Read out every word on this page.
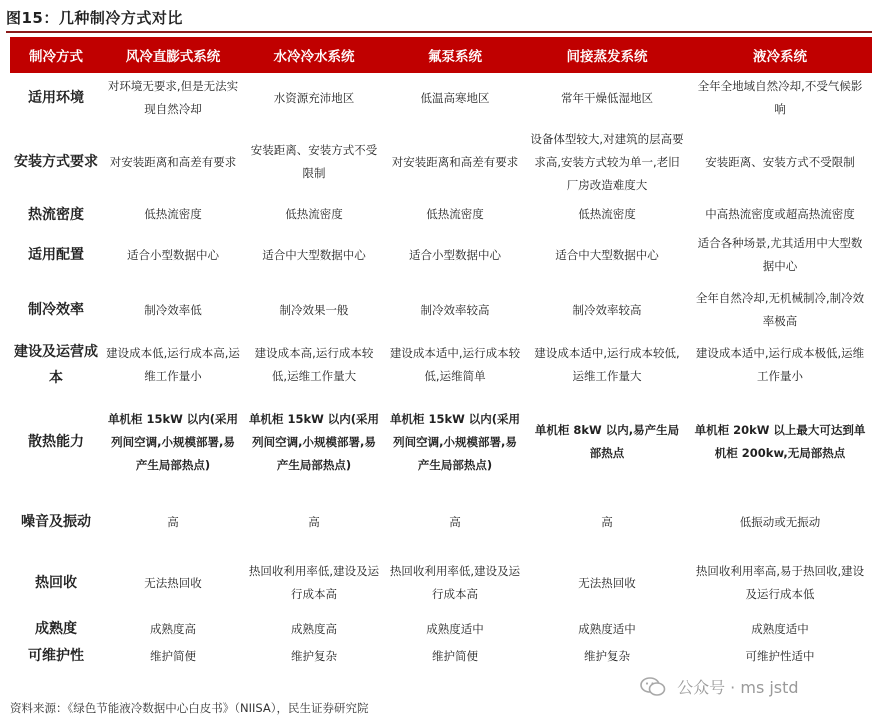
图15：几种制冷方式对比
制冷方式	风冷直膨式系统	水冷冷水系统	氟泵系统	间接蒸发系统	液冷系统
适用环境	对环境无要求,但是无法实现自然冷却	水资源充沛地区	低温高寒地区	常年干燥低湿地区	全年全地域自然冷却,不受气候影响
安装方式要求	对安装距离和高差有要求	安装距离、安装方式不受限制	对安装距离和高差有要求	设备体型较大,对建筑的层高要求高,安装方式较为单一,老旧厂房改造难度大	安装距离、安装方式不受限制
热流密度	低热流密度	低热流密度	低热流密度	低热流密度	中高热流密度或超高热流密度
适用配置	适合小型数据中心	适合中大型数据中心	适合小型数据中心	适合中大型数据中心	适合各种场景,尤其适用中大型数据中心
制冷效率	制冷效率低	制冷效果一般	制冷效率较高	制冷效率较高	全年自然冷却,无机械制冷,制冷效率极高
建设及运营成本	建设成本低,运行成本高,运维工作量小	建设成本高,运行成本较低,运维工作量大	建设成本适中,运行成本较低,运维简单	建设成本适中,运行成本较低,运维工作量大	建设成本适中,运行成本极低,运维工作量小
散热能力	单机柜 15kW 以内(采用列间空调,小规模部署,易产生局部热点)	单机柜 15kW 以内(采用列间空调,小规模部署,易产生局部热点)	单机柜 15kW 以内(采用列间空调,小规模部署,易产生局部热点)	单机柜 8kW 以内,易产生局部热点	单机柜 20kW 以上最大可达到单机柜 200kw,无局部热点
噪音及振动	高	高	高	高	低振动或无振动
热回收	无法热回收	热回收利用率低,建设及运行成本高	热回收利用率低,建设及运行成本高	无法热回收	热回收利用率高,易于热回收,建设及运行成本低
成熟度	成熟度高	成熟度高	成熟度适中	成熟度适中	成熟度适中
可维护性	维护简便	维护复杂	维护简便	维护复杂	可维护性适中
公众号 · ms jstd
资料来源：《绿色节能液冷数据中心白皮书》（NIISA），民生证券研究院
